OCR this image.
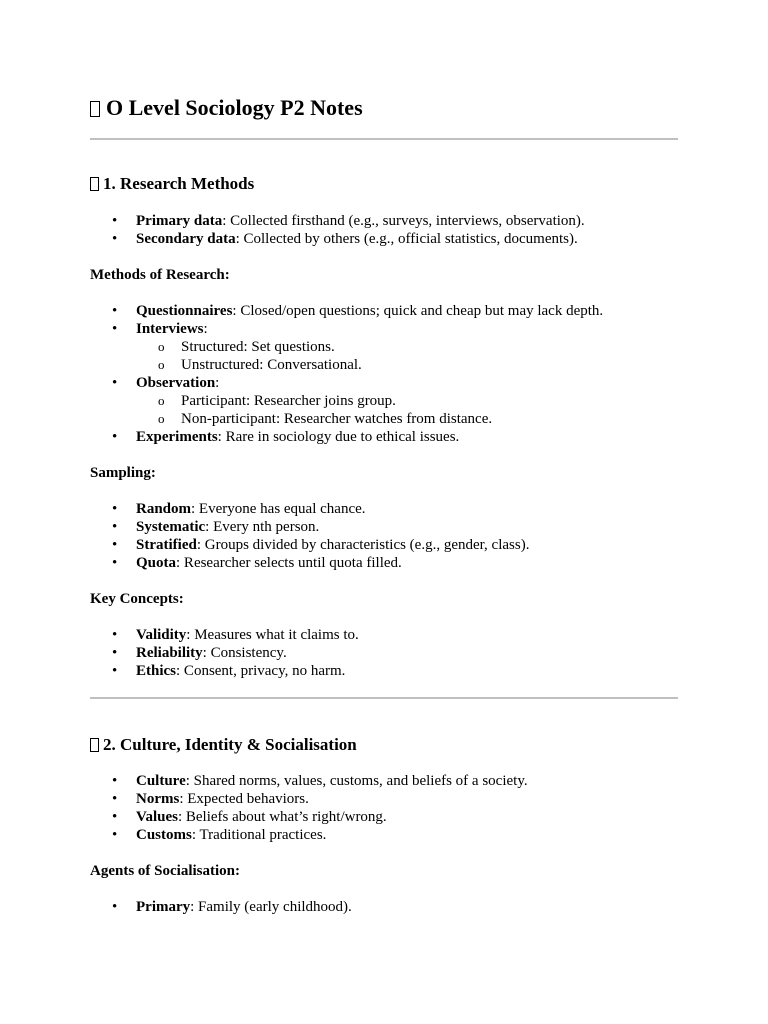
O Level Sociology P2 Notes
1. Research Methods
• Primary data: Collected firsthand (e.g., surveys, interviews, observation).
• Secondary data: Collected by others (e.g., official statistics, documents).
Methods of Research:
• Questionnaires: Closed/open questions; quick and cheap but may lack depth.
• Interviews:
o Structured: Set questions.
o Unstructured: Conversational.
• Observation:
o Participant: Researcher joins group.
o Non-participant: Researcher watches from distance.
• Experiments: Rare in sociology due to ethical issues.
Sampling:
• Random: Everyone has equal chance.
• Systematic: Every nth person.
• Stratified: Groups divided by characteristics (e.g., gender, class).
• Quota: Researcher selects until quota filled.
Key Concepts:
• Validity: Measures what it claims to.
• Reliability: Consistency.
• Ethics: Consent, privacy, no harm.
2. Culture, Identity & Socialisation
• Culture: Shared norms, values, customs, and beliefs of a society.
• Norms: Expected behaviors.
• Values: Beliefs about what’s right/wrong.
• Customs: Traditional practices.
Agents of Socialisation:
• Primary: Family (early childhood).
